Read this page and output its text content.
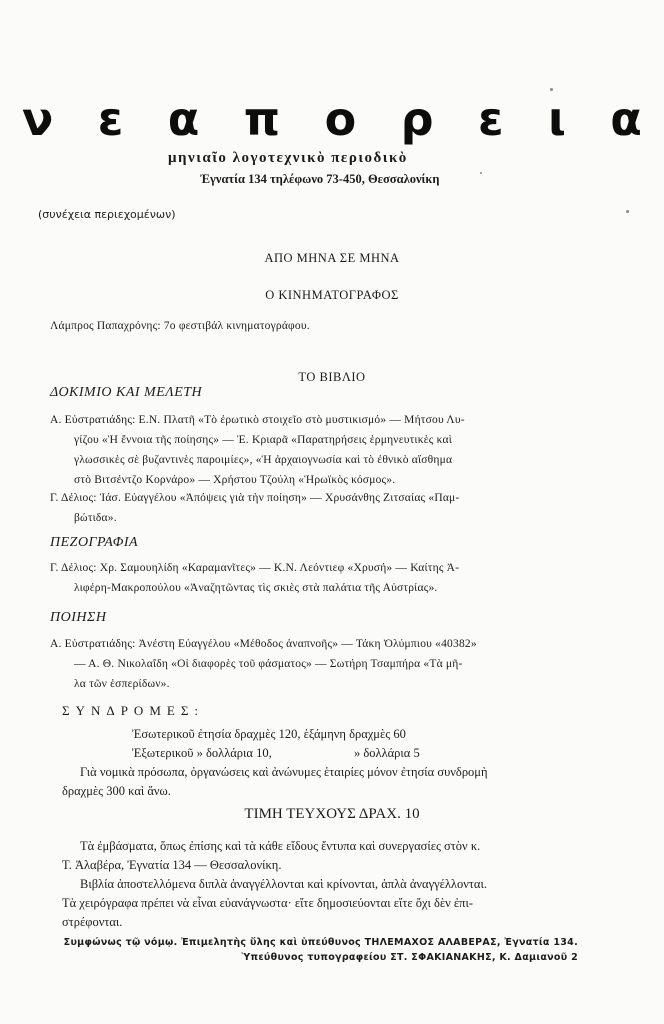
ν ε α π ο ρ ε ι α
μηνιαῖο λογοτεχνικὸ περιοδικὸ
Ἐγνατία 134 τηλέφωνο 73-450, Θεσσαλονίκη
(συνέχεια περιεχομένων)
ΑΠΟ ΜΗΝΑ ΣΕ ΜΗΝΑ
Ο ΚΙΝΗΜΑΤΟΓΡΑΦΟΣ
Λάμπρος Παπαχρόνης: 7ο φεστιβάλ κινηματογράφου.
ΤΟ ΒΙΒΛΙΟ
ΔΟΚΙΜΙΟ ΚΑΙ ΜΕΛΕΤΗ
Α. Εὐστρατιάδης: Ε.Ν. Πλατῆ «Τὸ ἐρωτικὸ στοιχεῖο στὸ μυστικισμό» — Μήτσου Λυ-
γίζου «Ἡ ἔννοια τῆς ποίησης» — Ἐ. Κριαρᾶ «Παρατηρήσεις ἑρμηνευτικὲς καὶ
γλωσσικὲς σὲ βυζαντινὲς παροιμίες», «Ἡ ἀρχαιογνωσία καὶ τὸ ἐθνικὸ αἴσθημα
στὸ Βιτσέντζο Κορνάρο» — Χρήστου Τζούλη «Ἡρωϊκὸς κόσμος».
Γ. Δέλιος: Ἰάσ. Εὐαγγέλου «Ἀπόψεις γιὰ τὴν ποίηση» — Χρυσάνθης Ζιτσαίας «Παμ-
βώτιδα».
ΠΕΖΟΓΡΑΦΙΑ
Γ. Δέλιος: Χρ. Σαμουηλίδη «Καραμανῖτες» — Κ.Ν. Λεόντιεφ «Χρυσή» — Καίτης Ἀ-
λιφέρη-Μακροπούλου «Ἀναζητῶντας τὶς σκιὲς στὰ παλάτια τῆς Αὐστρίας».
ΠΟΙΗΣΗ
Α. Εὐστρατιάδης: Ἀνέστη Εὐαγγέλου «Μέθοδος ἀναπνοῆς» — Τάκη Ὀλύμπιου «40382»
— Α. Θ. Νικολαΐδη «Οἱ διαφορὲς τοῦ φάσματος» — Σωτήρη Τσαμπήρα «Τὰ μῆ-
λα τῶν ἑσπερίδων».
ΣΥΝΔΡΟΜΕΣ:
Ἐσωτερικοῦ ἐτησία δραχμὲς 120, ἑξάμηνη δραχμὲς 60
Ἐξωτερικοῦ » δολλάρια 10,	» δολλάρια 5
Γιὰ νομικὰ πρόσωπα, ὀργανώσεις καὶ ἀνώνυμες ἑταιρίες μόνον ἐτησία συνδρομὴ
δραχμὲς 300 καὶ ἄνω.
ΤΙΜΗ ΤΕΥΧΟΥΣ ΔΡΑΧ. 10
Τὰ ἐμβάσματα, ὅπως ἐπίσης καὶ τὰ κάθε εἴδους ἔντυπα καὶ συνεργασίες στὸν κ.
Τ. Ἀλαβέρα, Ἐγνατία 134 — Θεσσαλονίκη.
Βιβλία ἀποστελλόμενα διπλὰ ἀναγγέλλονται καὶ κρίνονται, ἁπλὰ ἀναγγέλλονται.
Τὰ χειρόγραφα πρέπει νὰ εἶναι εὐανάγνωστα· εἴτε δημοσιεύονται εἴτε ὄχι δὲν ἐπι-
στρέφονται.
Συμφώνως τῷ νόμῳ. Ἐπιμελητὴς ὕλης καὶ ὑπεύθυνος ΤΗΛΕΜΑΧΟΣ ΑΛΑΒΕΡΑΣ, Ἐγνατία 134.
Ὑπεύθυνος τυπογραφείου ΣΤ. ΣΦΑΚΙΑΝΑΚΗΣ, Κ. Δαμιανοῦ 2
